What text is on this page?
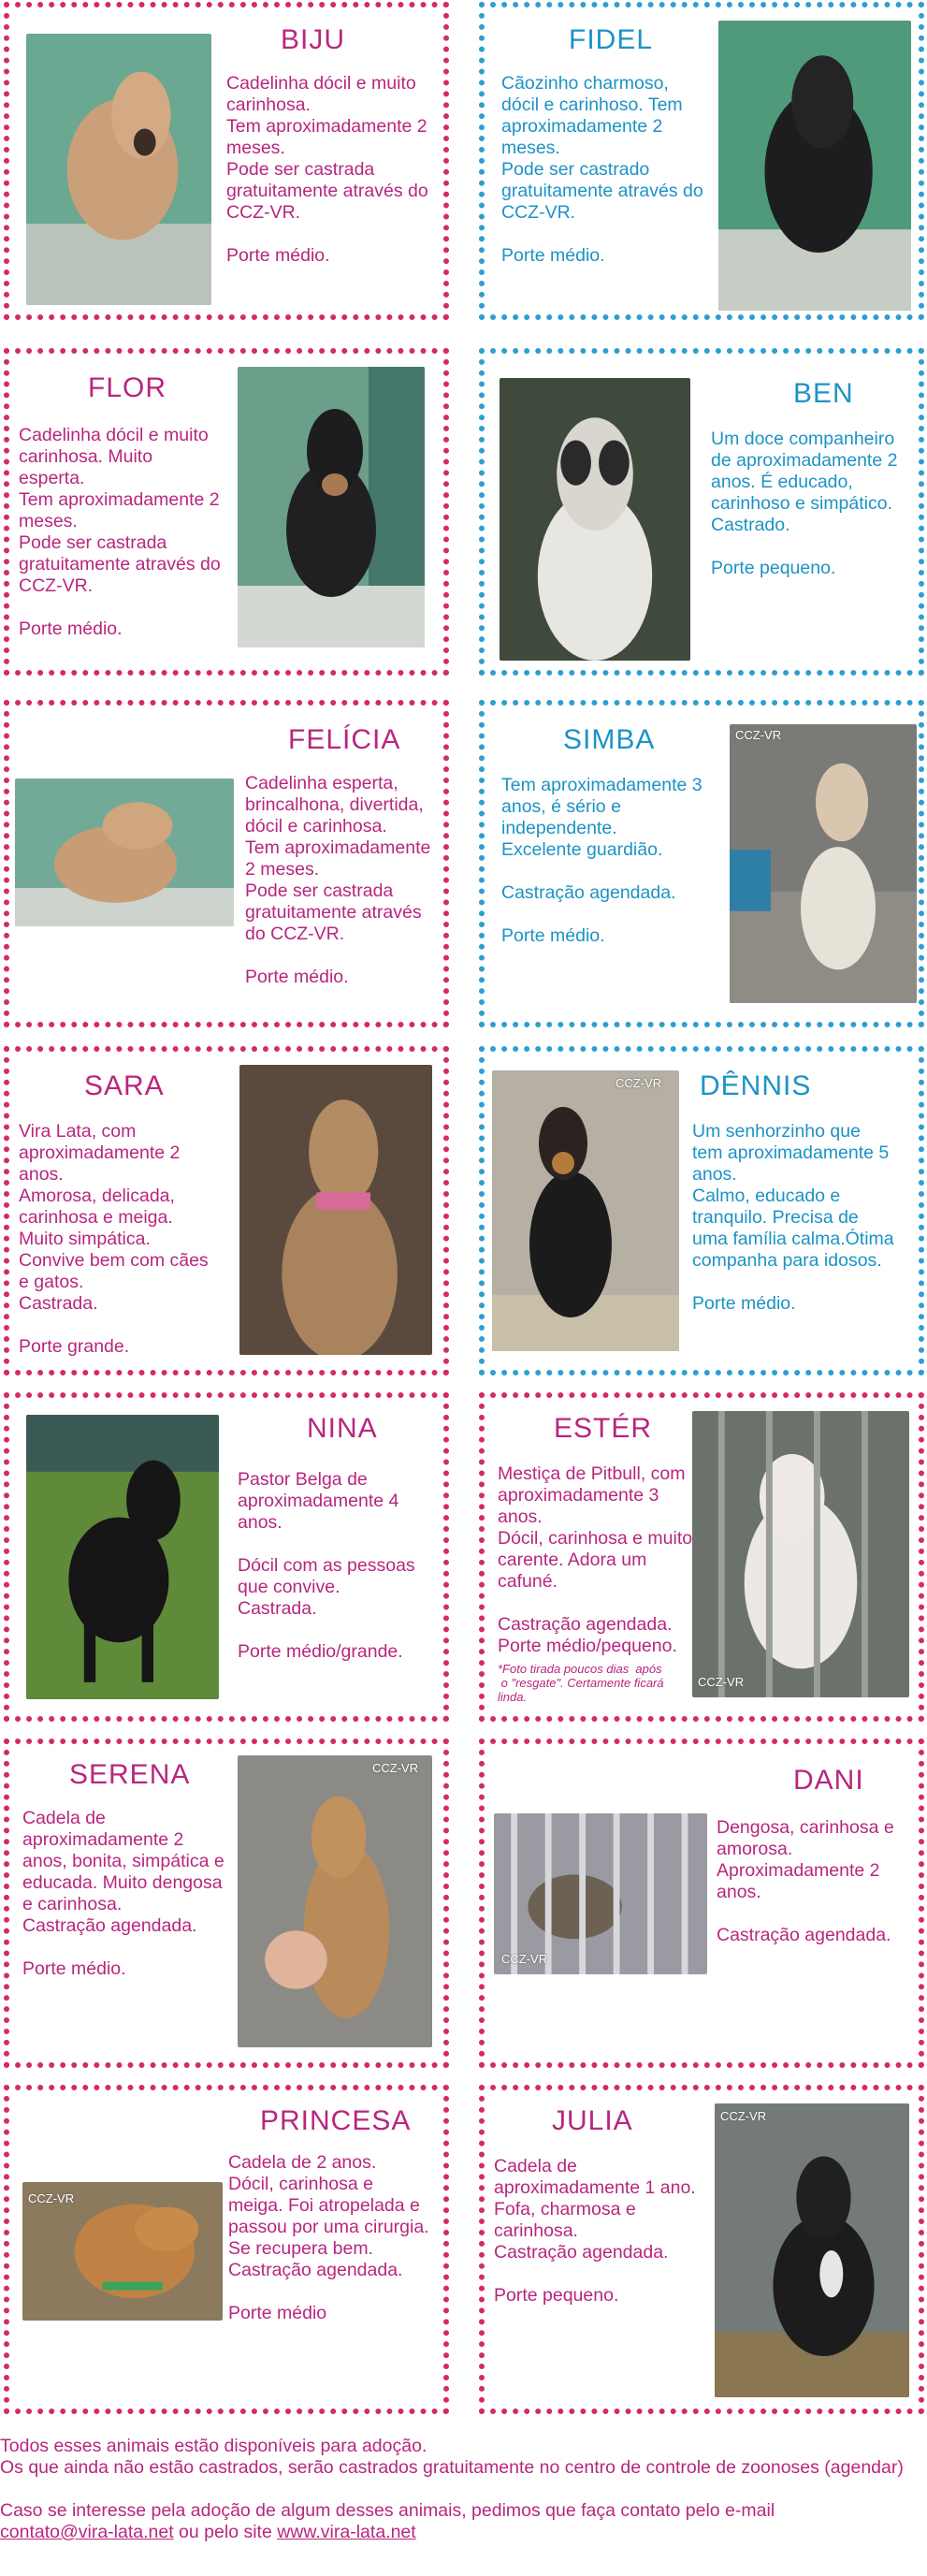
BIJU
Cadelinha dócil e muito
carinhosa.
Tem aproximadamente 2
meses.
Pode ser castrada
gratuitamente através do
CCZ-VR.

Porte médio.
FIDEL
Cãozinho charmoso,
dócil e carinhoso. Tem
aproximadamente 2
meses.
Pode ser castrado
gratuitamente através do
CCZ-VR.

Porte médio.
FLOR
Cadelinha dócil e muito
carinhosa. Muito
esperta.
Tem aproximadamente 2
meses.
Pode ser castrada
gratuitamente através do
CCZ-VR.

Porte médio.
BEN
Um doce companheiro
de aproximadamente 2
anos. É educado,
carinhoso e simpático.
Castrado.

Porte pequeno.
FELÍCIA
Cadelinha esperta,
brincalhona, divertida,
dócil e carinhosa.
Tem aproximadamente
2 meses.
Pode ser castrada
gratuitamente através
do CCZ-VR.

Porte médio.
CCZ-VR
SIMBA
Tem aproximadamente 3
anos, é sério e
independente.
Excelente guardião.

Castração agendada.

Porte médio.
SARA
Vira Lata, com
aproximadamente 2
anos.
Amorosa, delicada,
carinhosa e meiga.
Muito simpática.
Convive bem com cães
e gatos.
Castrada.

Porte grande.
CCZ-VR DÊNNIS
Um senhorzinho que
tem aproximadamente 5
anos.
Calmo, educado e
tranquilo. Precisa de
uma família calma.Ótima
companha para idosos.

Porte médio.
NINA
Pastor Belga de
aproximadamente 4
anos.

Dócil com as pessoas
que convive.
Castrada.

Porte médio/grande.
CCZ-VR
ESTÉR
Mestiça de Pitbull, com
aproximadamente 3
anos.
Dócil, carinhosa e muito
carente. Adora um
cafuné.

Castração agendada.
Porte médio/pequeno.
*Foto tirada poucos dias  após
o "resgate". Certamente ficará
linda.
CCZ-VR
SERENA
Cadela de
aproximadamente 2
anos, bonita, simpática e
educada. Muito dengosa
e carinhosa.
Castração agendada.

Porte médio.	CCZ-VR
DANI
Dengosa, carinhosa e
amorosa.
Aproximadamente 2
anos.

Castração agendada.
CCZ-VR
PRINCESA
Cadela de 2 anos.
Dócil, carinhosa e
meiga. Foi atropelada e
passou por uma cirurgia.
Se recupera bem.
Castração agendada.

Porte médio
CCZ-VR
JULIA
Cadela de
aproximadamente 1 ano.
Fofa, charmosa e
carinhosa.
Castração agendada.

Porte pequeno.

Todos esses animais estão disponíveis para adoção.

Os que ainda não estão castrados, serão castrados gratuitamente no centro de controle de zoonoses (agendar)

Caso se interesse pela adoção de algum desses animais, pedimos que faça contato pelo e-mail

contato@vira-lata.net ou pelo site www.vira-lata.net
